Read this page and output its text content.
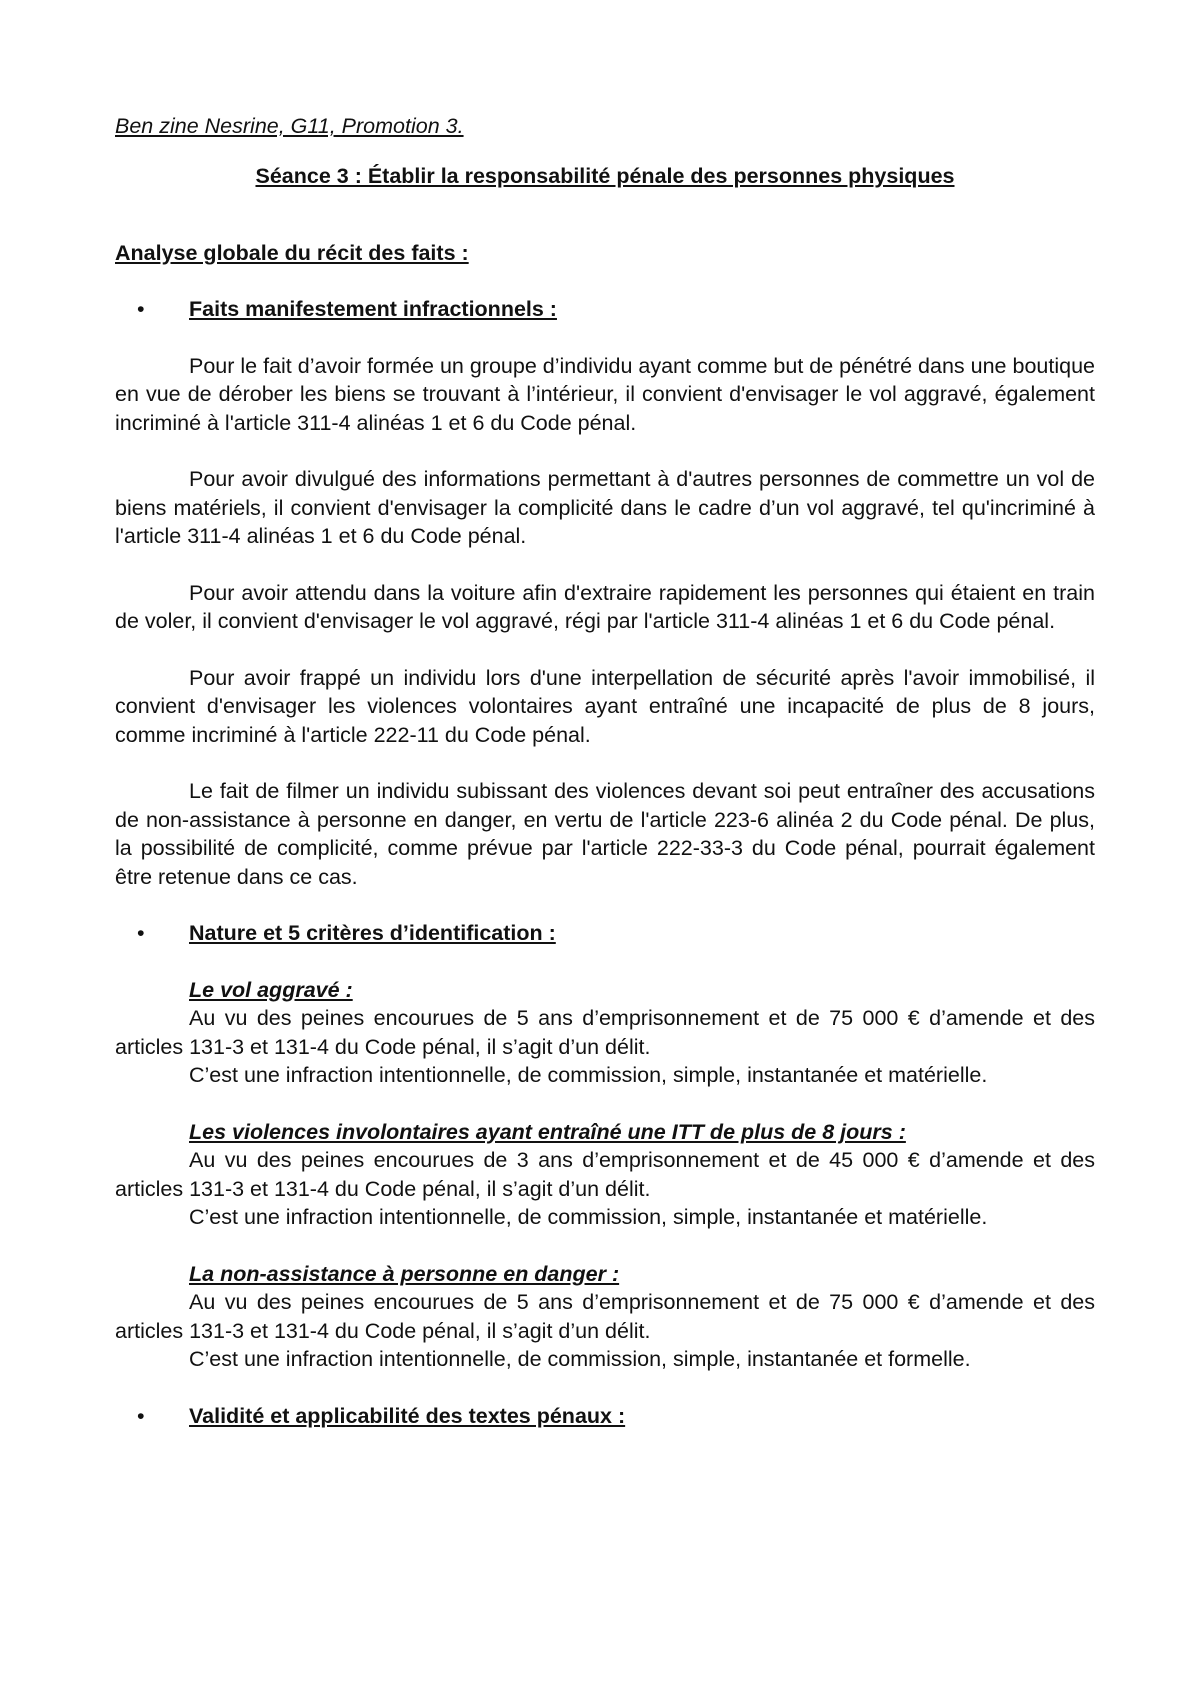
Ben zine Nesrine, G11, Promotion 3.

Séance 3 : Établir la responsabilité pénale des personnes physiques

Analyse globale du récit des faits :

• Faits manifestement infractionnels :

Pour le fait d’avoir formée un groupe d’individu ayant comme but de pénétré dans une boutique en vue de dérober les biens se trouvant à l’intérieur, il convient d'envisager le vol aggravé, également incriminé à l'article 311-4 alinéas 1 et 6 du Code pénal.

Pour avoir divulgué des informations permettant à d'autres personnes de commettre un vol de biens matériels, il convient d'envisager la complicité dans le cadre d’un vol aggravé, tel qu'incriminé à l'article 311-4 alinéas 1 et 6 du Code pénal.

Pour avoir attendu dans la voiture afin d'extraire rapidement les personnes qui étaient en train de voler, il convient d'envisager le vol aggravé, régi par l'article 311-4 alinéas 1 et 6 du Code pénal.

Pour avoir frappé un individu lors d'une interpellation de sécurité après l'avoir immobilisé, il convient d'envisager les violences volontaires ayant entraîné une incapacité de plus de 8 jours, comme incriminé à l'article 222-11 du Code pénal.

Le fait de filmer un individu subissant des violences devant soi peut entraîner des accusations de non-assistance à personne en danger, en vertu de l'article 223-6 alinéa 2 du Code pénal. De plus, la possibilité de complicité, comme prévue par l'article 222-33-3 du Code pénal, pourrait également être retenue dans ce cas.

• Nature et 5 critères d’identification :

Le vol aggravé :

Au vu des peines encourues de 5 ans d’emprisonnement et de 75 000 € d’amende et des articles 131-3 et 131-4 du Code pénal, il s’agit d’un délit.

C’est une infraction intentionnelle, de commission, simple, instantanée et matérielle.

Les violences involontaires ayant entraîné une ITT de plus de 8 jours :

Au vu des peines encourues de 3 ans d’emprisonnement et de 45 000 € d’amende et des articles 131-3 et 131-4 du Code pénal, il s’agit d’un délit.

C’est une infraction intentionnelle, de commission, simple, instantanée et matérielle.

La non-assistance à personne en danger :

Au vu des peines encourues de 5 ans d’emprisonnement et de 75 000 € d’amende et des articles 131-3 et 131-4 du Code pénal, il s’agit d’un délit.

C’est une infraction intentionnelle, de commission, simple, instantanée et formelle.

• Validité et applicabilité des textes pénaux :
